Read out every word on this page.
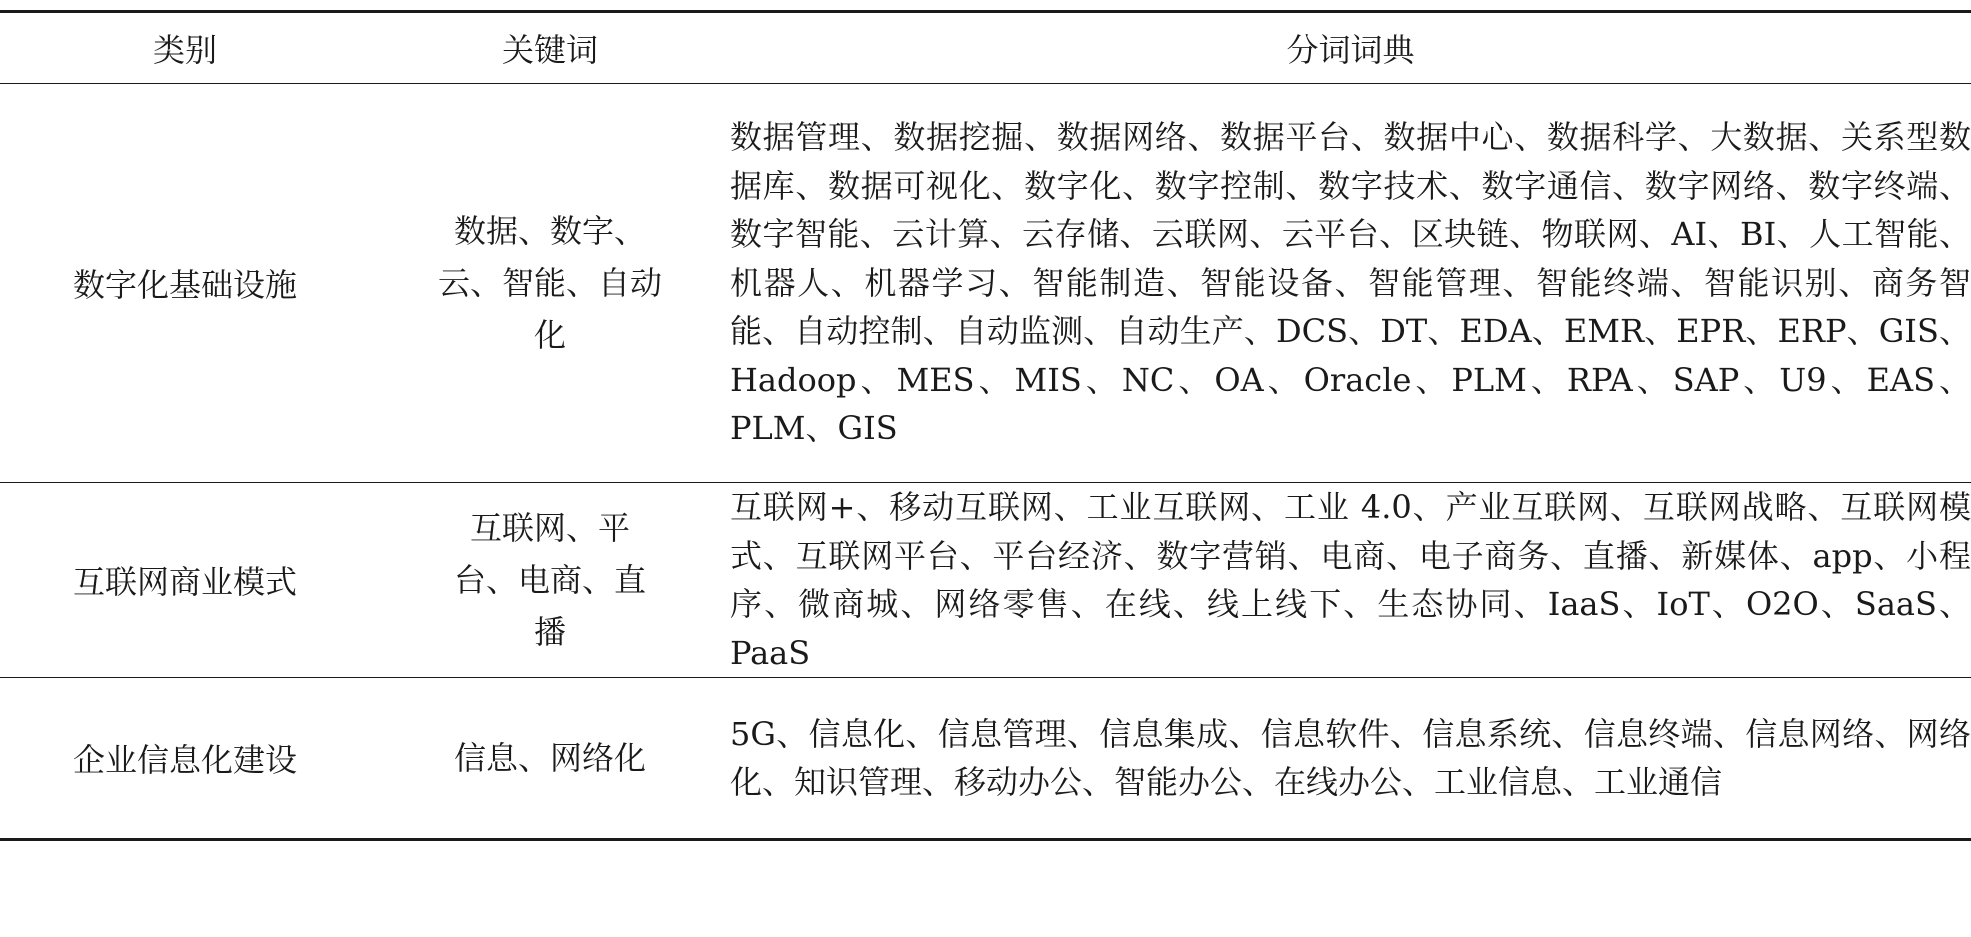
类别	关键词	分词词典
数字化基础设施	数据、数字、云、智能、自动化	数据管理、数据挖掘、数据网络、数据平台、数据中心、数据科学、大数据、关系型数据库、数据可视化、数字化、数字控制、数字技术、数字通信、数字网络、数字终端、数字智能、云计算、云存储、云联网、云平台、区块链、物联网、AI、BI、人工智能、机器人、机器学习、智能制造、智能设备、智能管理、智能终端、智能识别、商务智能、自动控制、自动监测、自动生产、DCS、DT、EDA、EMR、EPR、ERP、GIS、Hadoop、MES、MIS、NC、OA、Oracle、PLM、RPA、SAP、U9、EAS、PLM、GIS

互联网商业模式	互联网、平台、电商、直播	互联网+、移动互联网、工业互联网、工业 4.0、产业互联网、互联网战略、互联网模式、互联网平台、平台经济、数字营销、电商、电子商务、直播、新媒体、app、小程序、微商城、网络零售、在线、线上线下、生态协同、IaaS、IoT、O2O、SaaS、PaaS

企业信息化建设	信息、网络化	5G、信息化、信息管理、信息集成、信息软件、信息系统、信息终端、信息网络、网络化、知识管理、移动办公、智能办公、在线办公、工业信息、工业通信
